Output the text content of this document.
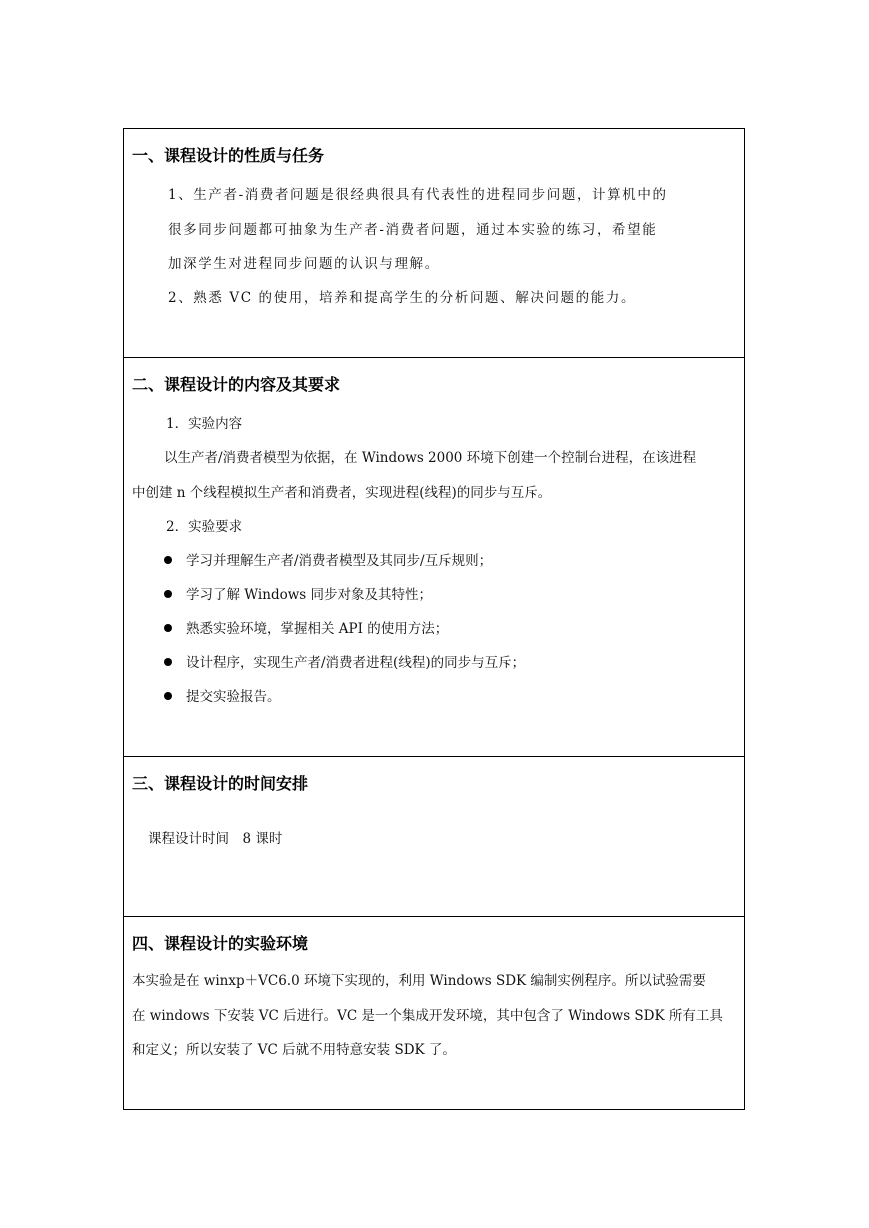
一、课程设计的性质与任务
1、生产者-消费者问题是很经典很具有代表性的进程同步问题，计算机中的
很多同步问题都可抽象为生产者-消费者问题，通过本实验的练习，希望能
加深学生对进程同步问题的认识与理解。
2、熟悉 VC 的使用，培养和提高学生的分析问题、解决问题的能力。
二、课程设计的内容及其要求
1．实验内容
以生产者/消费者模型为依据，在 Windows 2000 环境下创建一个控制台进程，在该进程
中创建 n 个线程模拟生产者和消费者，实现进程(线程)的同步与互斥。
2．实验要求
学习并理解生产者/消费者模型及其同步/互斥规则；
学习了解 Windows 同步对象及其特性；
熟悉实验环境，掌握相关 API 的使用方法；
设计程序，实现生产者/消费者进程(线程)的同步与互斥；
提交实验报告。
三、课程设计的时间安排
课程设计时间　8 课时
四、课程设计的实验环境
本实验是在 winxp＋VC6.0 环境下实现的，利用 Windows SDK 编制实例程序。所以试验需要
在 windows 下安装 VC 后进行。VC 是一个集成开发环境，其中包含了 Windows SDK 所有工具
和定义；所以安装了 VC 后就不用特意安装 SDK 了。
